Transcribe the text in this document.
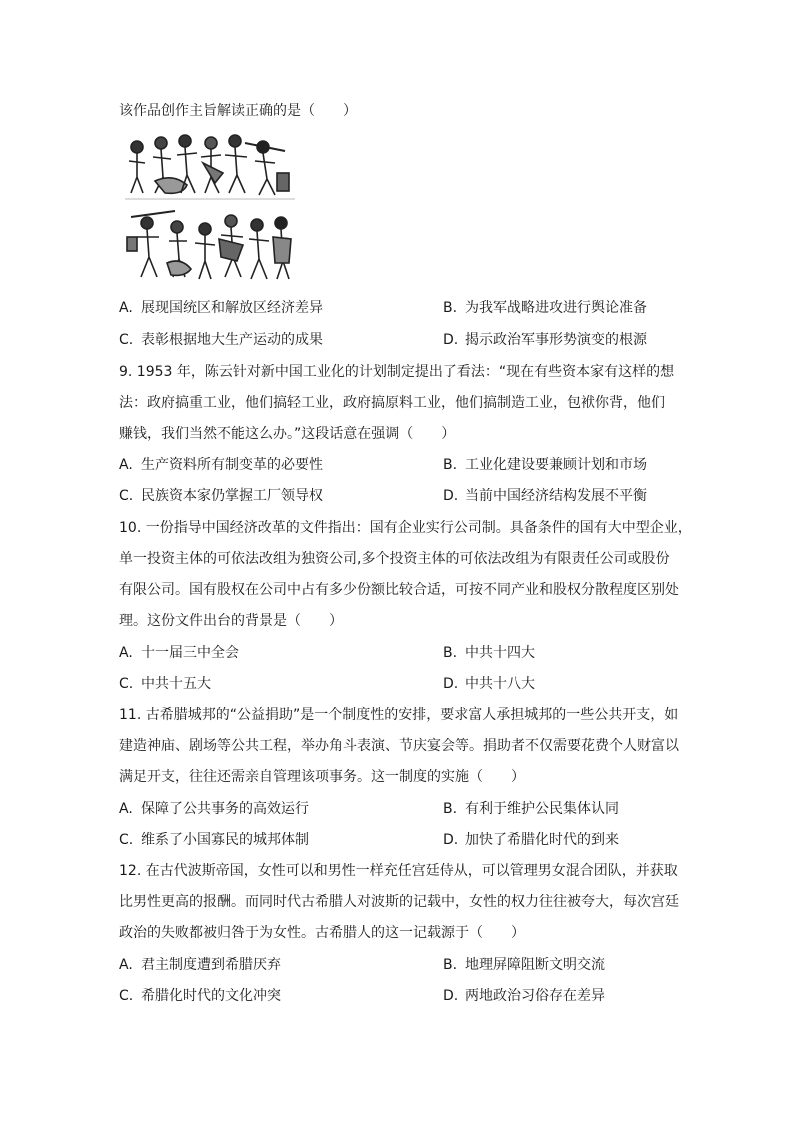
该作品创作主旨解读正确的是（　　）
A. 展现国统区和解放区经济差异	B. 为我军战略进攻进行舆论准备
C. 表彰根据地大生产运动的成果	D. 揭示政治军事形势演变的根源
9. 1953 年，陈云针对新中国工业化的计划制定提出了看法：“现在有些资本家有这样的想
法：政府搞重工业，他们搞轻工业，政府搞原料工业，他们搞制造工业，包袱你背，他们
赚钱，我们当然不能这么办。”这段话意在强调（　　）
A. 生产资料所有制变革的必要性	B. 工业化建设要兼顾计划和市场
C. 民族资本家仍掌握工厂领导权	D. 当前中国经济结构发展不平衡
10. 一份指导中国经济改革的文件指出：国有企业实行公司制。具备条件的国有大中型企业，
单一投资主体的可依法改组为独资公司,多个投资主体的可依法改组为有限责任公司或股份
有限公司。国有股权在公司中占有多少份额比较合适，可按不同产业和股权分散程度区别处
理。这份文件出台的背景是（　　）
A. 十一届三中全会	B. 中共十四大
C. 中共十五大	D. 中共十八大
11. 古希腊城邦的“公益捐助”是一个制度性的安排，要求富人承担城邦的一些公共开支，如
建造神庙、剧场等公共工程，举办角斗表演、节庆宴会等。捐助者不仅需要花费个人财富以
满足开支，往往还需亲自管理该项事务。这一制度的实施（　　）
A. 保障了公共事务的高效运行	B. 有利于维护公民集体认同
C. 维系了小国寡民的城邦体制	D. 加快了希腊化时代的到来
12. 在古代波斯帝国，女性可以和男性一样充任宫廷侍从，可以管理男女混合团队，并获取
比男性更高的报酬。而同时代古希腊人对波斯的记载中，女性的权力往往被夸大，每次宫廷
政治的失败都被归咎于为女性。古希腊人的这一记载源于（　　）
A. 君主制度遭到希腊厌弃	B. 地理屏障阻断文明交流
C. 希腊化时代的文化冲突	D. 两地政治习俗存在差异
